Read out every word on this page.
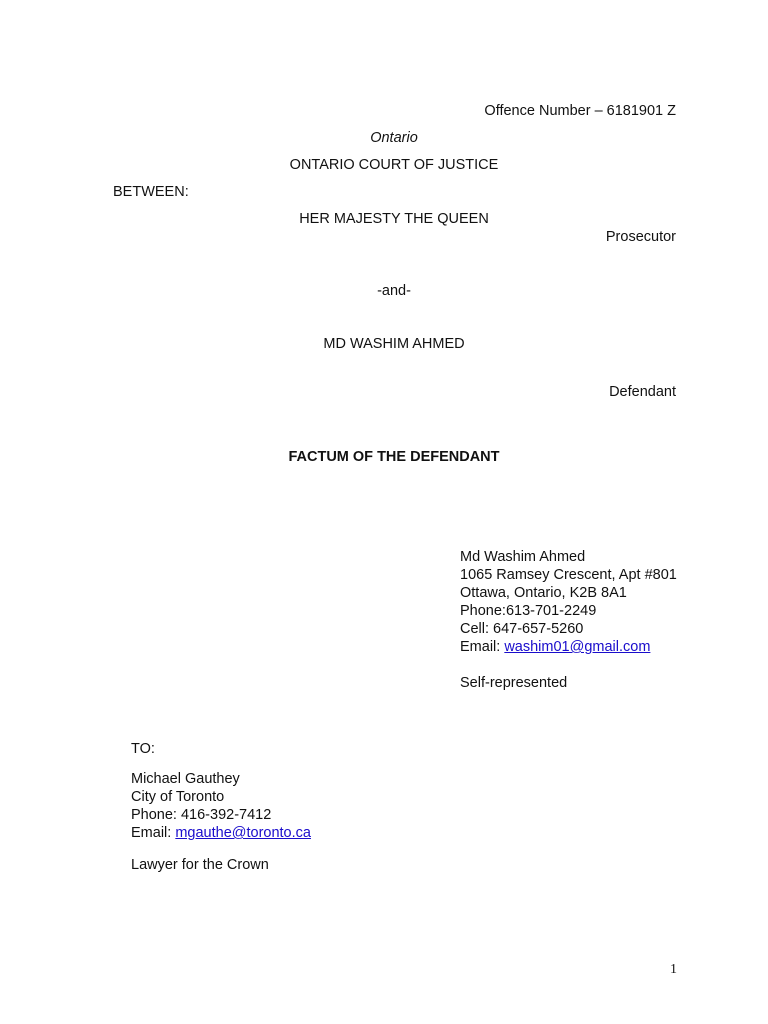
Offence Number – 6181901 Z
Ontario
ONTARIO COURT OF JUSTICE
BETWEEN:
HER MAJESTY THE QUEEN
Prosecutor
-and-
MD WASHIM AHMED
Defendant
FACTUM OF THE DEFENDANT
Md Washim Ahmed
1065 Ramsey Crescent, Apt #801
Ottawa, Ontario, K2B 8A1
Phone:613-701-2249
Cell: 647-657-5260
Email: washim01@gmail.com
Self-represented
TO:
Michael Gauthey
City of Toronto
Phone: 416-392-7412
Email: mgauthe@toronto.ca
Lawyer for the Crown
1
